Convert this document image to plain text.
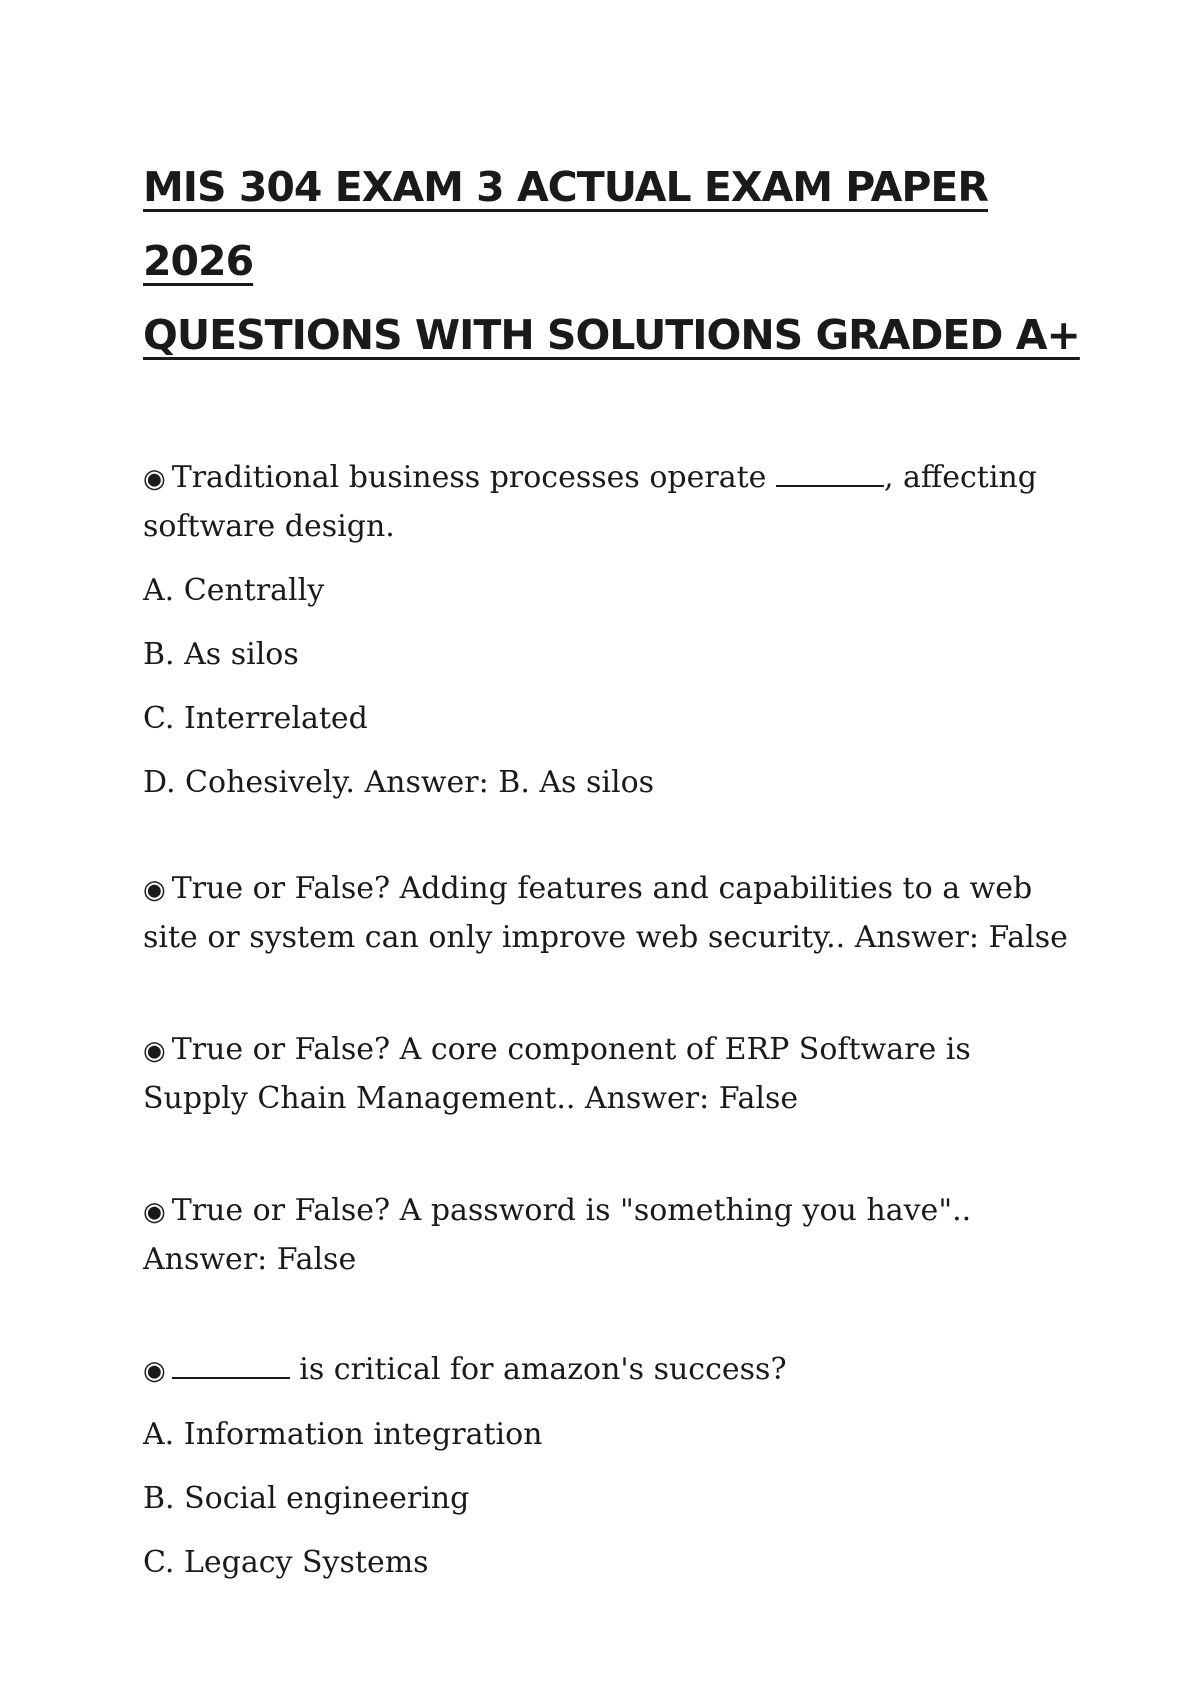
MIS 304 EXAM 3 ACTUAL EXAM PAPER 2026
QUESTIONS WITH SOLUTIONS GRADED A+

◉ Traditional business processes operate	, affecting software design.

A. Centrally

B. As silos

C. Interrelated

D. Cohesively. Answer: B. As silos

◉ True or False? Adding features and capabilities to a web site or system can only improve web security.. Answer: False

◉ True or False? A core component of ERP Software is Supply Chain Management.. Answer: False

◉ True or False? A password is "something you have".. Answer: False

◉	is critical for amazon's success?

A. Information integration

B. Social engineering

C. Legacy Systems
